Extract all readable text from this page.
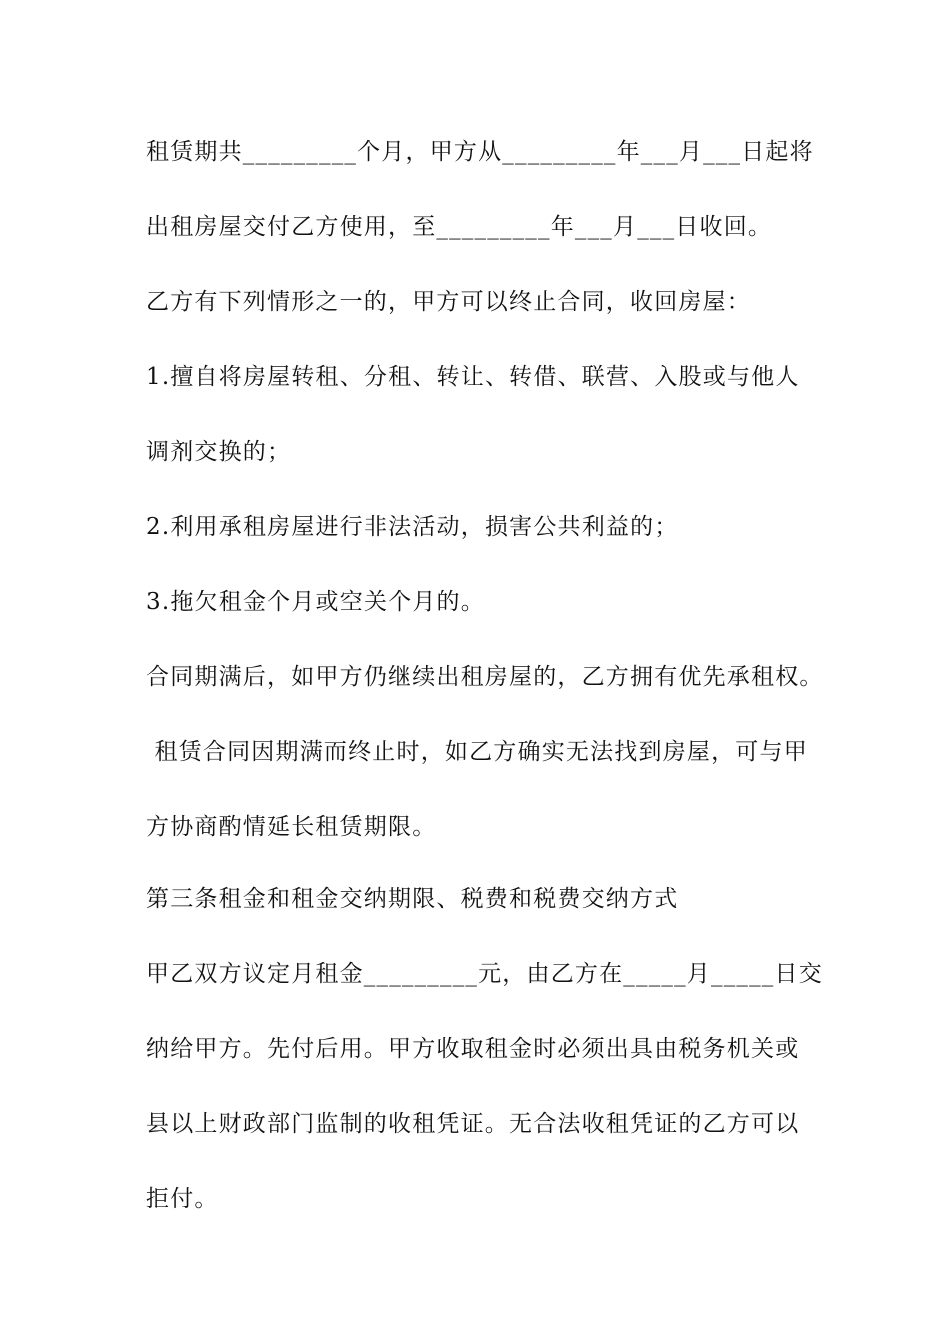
租赁期共_________个月，甲方从_________年___月___日起将

出租房屋交付乙方使用，至_________年___月___日收回。

乙方有下列情形之一的，甲方可以终止合同，收回房屋：

1.擅自将房屋转租、分租、转让、转借、联营、入股或与他人

调剂交换的；

2.利用承租房屋进行非法活动，损害公共利益的；

3.拖欠租金个月或空关个月的。

合同期满后，如甲方仍继续出租房屋的，乙方拥有优先承租权。

租赁合同因期满而终止时，如乙方确实无法找到房屋，可与甲

方协商酌情延长租赁期限。

第三条租金和租金交纳期限、税费和税费交纳方式

甲乙双方议定月租金_________元，由乙方在_____月_____日交

纳给甲方。先付后用。甲方收取租金时必须出具由税务机关或

县以上财政部门监制的收租凭证。无合法收租凭证的乙方可以

拒付。
